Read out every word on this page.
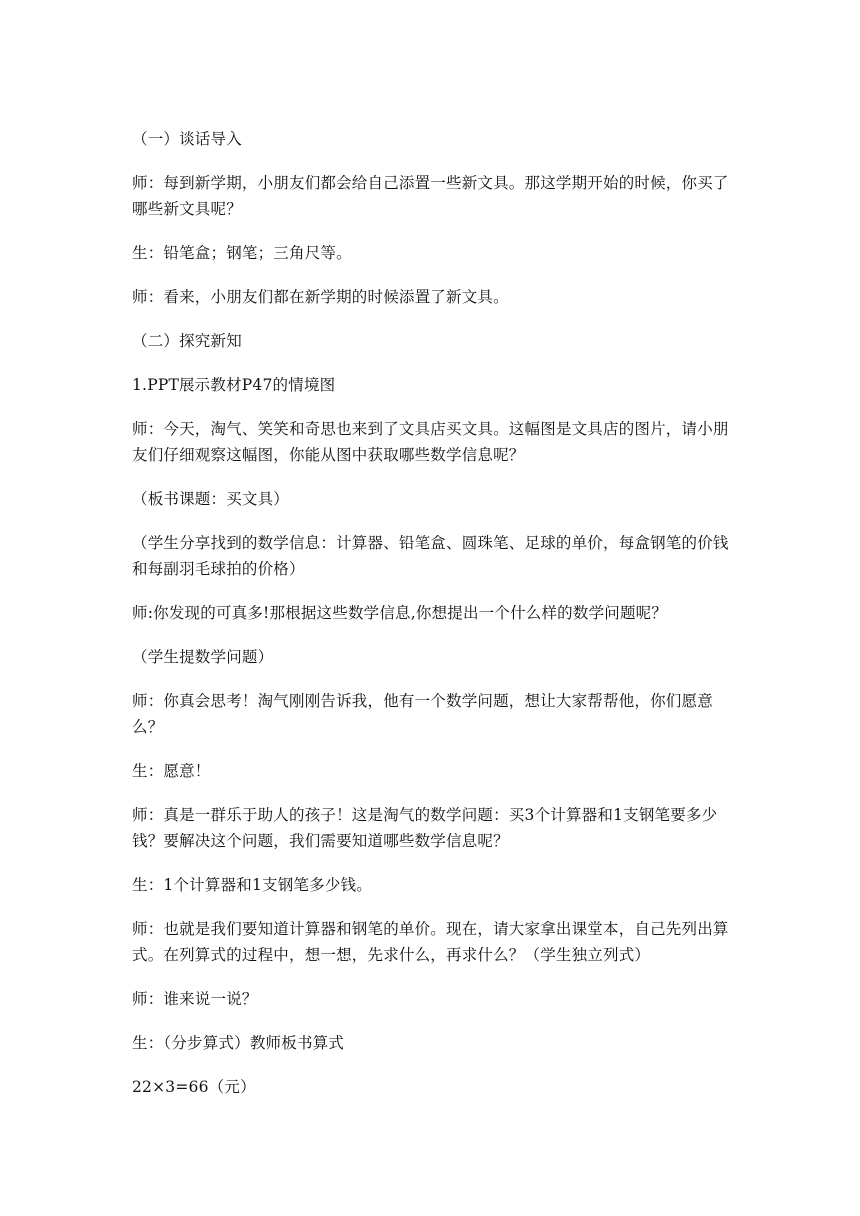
（一）谈话导入

师：每到新学期，小朋友们都会给自己添置一些新文具。那这学期开始的时候，你买了哪些新文具呢？

生：铅笔盒；钢笔；三角尺等。

师：看来，小朋友们都在新学期的时候添置了新文具。

（二）探究新知

1.PPT展示教材P47的情境图

师：今天，淘气、笑笑和奇思也来到了文具店买文具。这幅图是文具店的图片，请小朋友们仔细观察这幅图，你能从图中获取哪些数学信息呢？

（板书课题：买文具）

（学生分享找到的数学信息：计算器、铅笔盒、圆珠笔、足球的单价，每盒钢笔的价钱和每副羽毛球拍的价格）

师:你发现的可真多!那根据这些数学信息,你想提出一个什么样的数学问题呢？

（学生提数学问题）

师：你真会思考！淘气刚刚告诉我，他有一个数学问题，想让大家帮帮他，你们愿意么？

生：愿意！

师：真是一群乐于助人的孩子！这是淘气的数学问题：买3个计算器和1支钢笔要多少钱？要解决这个问题，我们需要知道哪些数学信息呢？

生：1个计算器和1支钢笔多少钱。

师：也就是我们要知道计算器和钢笔的单价。现在，请大家拿出课堂本，自己先列出算式。在列算式的过程中，想一想，先求什么，再求什么？（学生独立列式）

师：谁来说一说？

生：（分步算式）教师板书算式

22×3=66（元）
